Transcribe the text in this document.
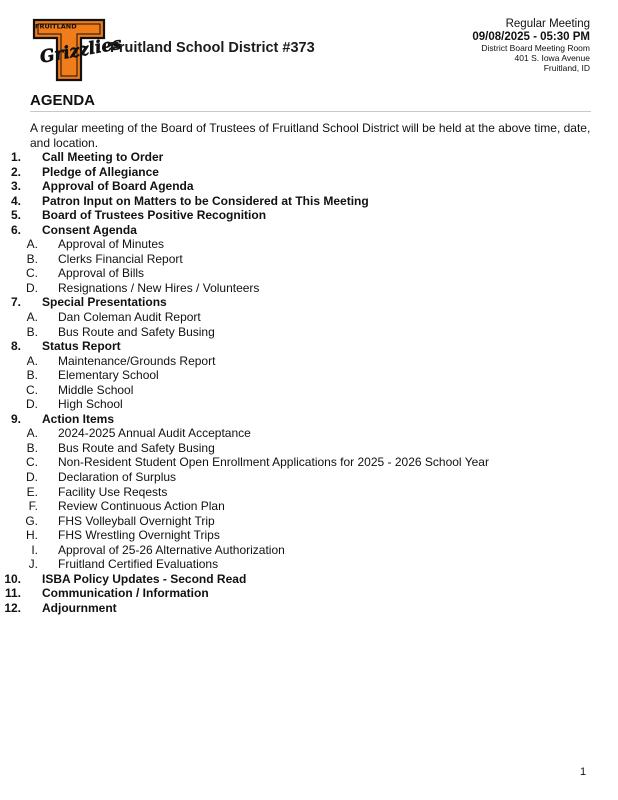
FRUITLAND
Grizzlies
Fruitland School District #373
Regular Meeting
09/08/2025 - 05:30 PM
District Board Meeting Room
401 S. Iowa Avenue
Fruitland, ID
AGENDA
A regular meeting of the Board of Trustees of Fruitland School District will be held at the above time, date, and location.
1. Call Meeting to Order
2. Pledge of Allegiance
3. Approval of Board Agenda
4. Patron Input on Matters to be Considered at This Meeting
5. Board of Trustees Positive Recognition
6. Consent Agenda
A. Approval of Minutes
B. Clerks Financial Report
C. Approval of Bills
D. Resignations / New Hires / Volunteers
7. Special Presentations
A. Dan Coleman Audit Report
B. Bus Route and Safety Busing
8. Status Report
A. Maintenance/Grounds Report
B. Elementary School
C. Middle School
D. High School
9. Action Items
A. 2024-2025 Annual Audit Acceptance
B. Bus Route and Safety Busing
C. Non-Resident Student Open Enrollment Applications for 2025 - 2026 School Year
D. Declaration of Surplus
E. Facility Use Reqests
F. Review Continuous Action Plan
G. FHS Volleyball Overnight Trip
H. FHS Wrestling Overnight Trips
I. Approval of 25-26 Alternative Authorization
J. Fruitland Certified Evaluations
10. ISBA Policy Updates - Second Read
11. Communication / Information
12. Adjournment
1
